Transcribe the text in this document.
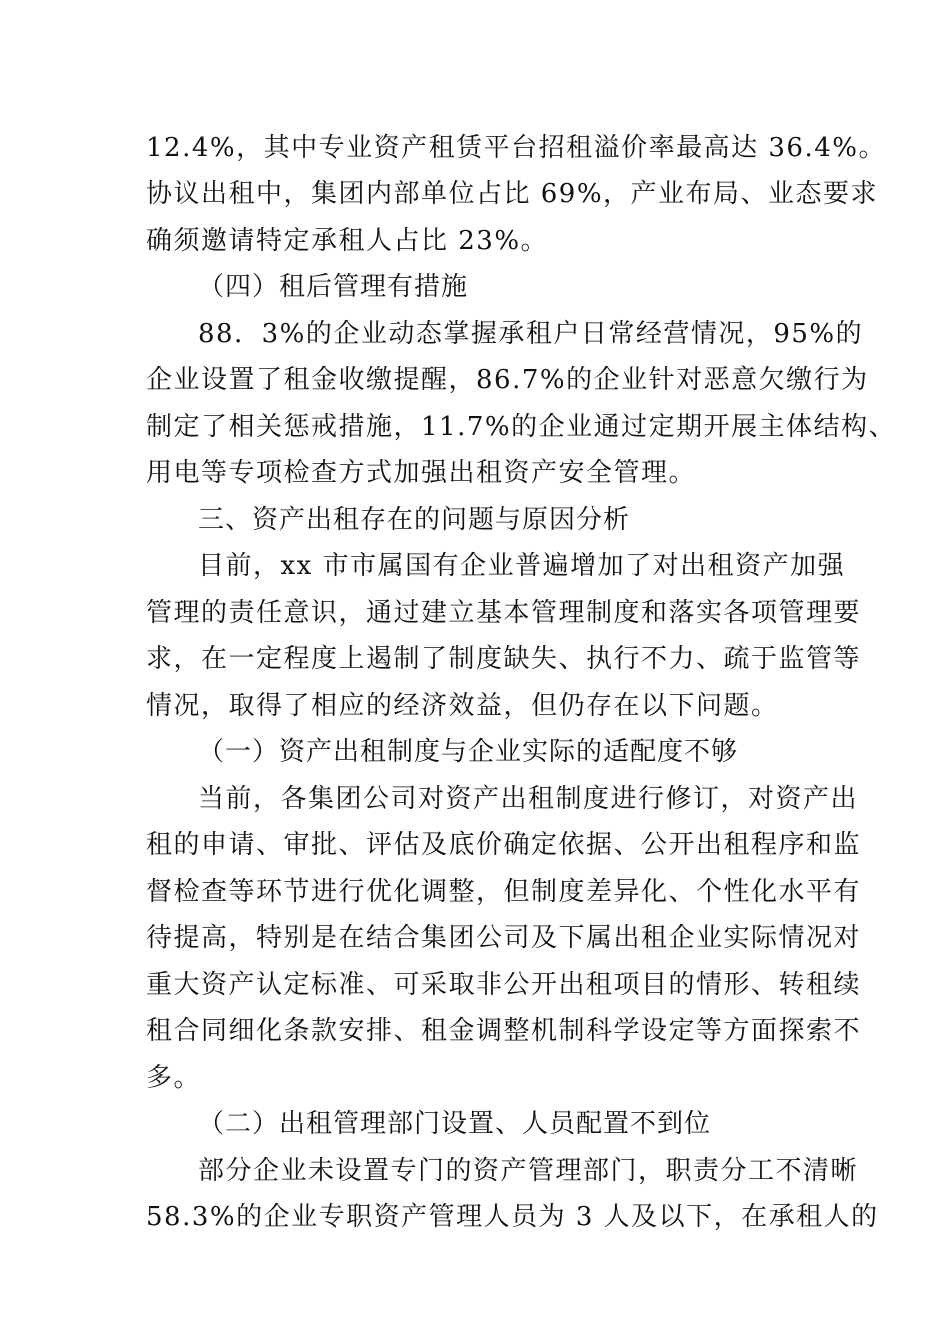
12.4%，其中专业资产租赁平台招租溢价率最高达 36.4%。
协议出租中，集团内部单位占比 69%，产业布局、业态要求
确须邀请特定承租人占比 23%。
（四）租后管理有措施
88．3%的企业动态掌握承租户日常经营情况，95%的
企业设置了租金收缴提醒，86.7%的企业针对恶意欠缴行为
制定了相关惩戒措施，11.7%的企业通过定期开展主体结构、
用电等专项检查方式加强出租资产安全管理。
三、资产出租存在的问题与原因分析
目前，xx 市市属国有企业普遍增加了对出租资产加强
管理的责任意识，通过建立基本管理制度和落实各项管理要
求，在一定程度上遏制了制度缺失、执行不力、疏于监管等
情况，取得了相应的经济效益，但仍存在以下问题。
（一）资产出租制度与企业实际的适配度不够
当前，各集团公司对资产出租制度进行修订，对资产出
租的申请、审批、评估及底价确定依据、公开出租程序和监
督检查等环节进行优化调整，但制度差异化、个性化水平有
待提高，特别是在结合集团公司及下属出租企业实际情况对
重大资产认定标准、可采取非公开出租项目的情形、转租续
租合同细化条款安排、租金调整机制科学设定等方面探索不
多。
（二）出租管理部门设置、人员配置不到位
部分企业未设置专门的资产管理部门，职责分工不清晰
58.3%的企业专职资产管理人员为 3 人及以下，在承租人的
